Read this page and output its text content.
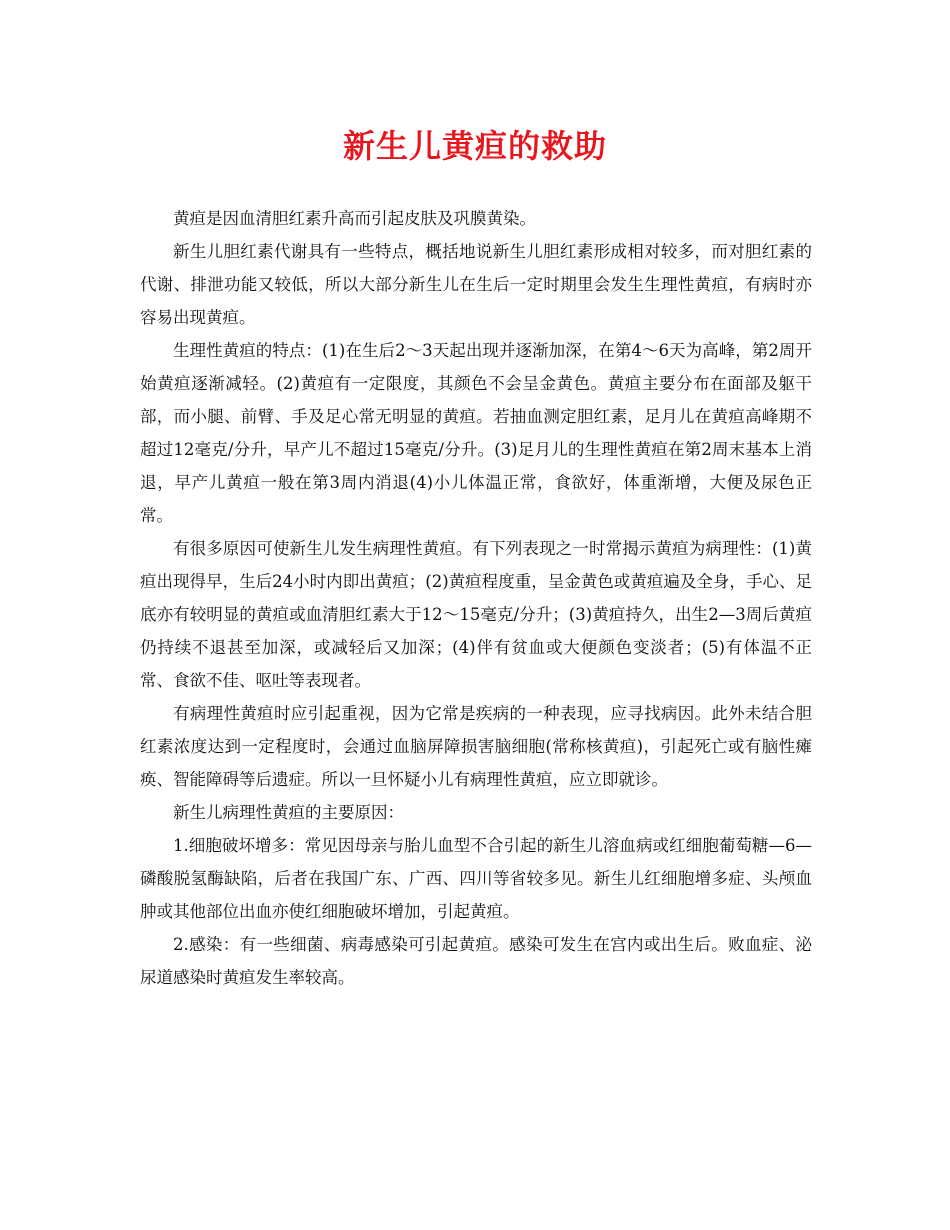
新生儿黄疸的救助

黄疸是因血清胆红素升高而引起皮肤及巩膜黄染。

新生儿胆红素代谢具有一些特点，概括地说新生儿胆红素形成相对较多，而对胆红素的代谢、排泄功能又较低，所以大部分新生儿在生后一定时期里会发生生理性黄疸，有病时亦容易出现黄疸。

生理性黄疸的特点：(1)在生后2～3天起出现并逐渐加深，在第4～6天为高峰，第2周开始黄疸逐渐减轻。(2)黄疸有一定限度，其颜色不会呈金黄色。黄疸主要分布在面部及躯干部，而小腿、前臂、手及足心常无明显的黄疸。若抽血测定胆红素，足月儿在黄疸高峰期不超过12毫克/分升，早产儿不超过15毫克/分升。(3)足月儿的生理性黄疸在第2周末基本上消退，早产儿黄疸一般在第3周内消退(4)小儿体温正常，食欲好，体重渐增，大便及尿色正常。

有很多原因可使新生儿发生病理性黄疸。有下列表现之一时常揭示黄疸为病理性：(1)黄疸出现得早，生后24小时内即出黄疸；(2)黄疸程度重，呈金黄色或黄疸遍及全身，手心、足底亦有较明显的黄疸或血清胆红素大于12～15毫克/分升；(3)黄疸持久，出生2—3周后黄疸仍持续不退甚至加深，或减轻后又加深；(4)伴有贫血或大便颜色变淡者；(5)有体温不正常、食欲不佳、呕吐等表现者。

有病理性黄疸时应引起重视，因为它常是疾病的一种表现，应寻找病因。此外未结合胆红素浓度达到一定程度时，会通过血脑屏障损害脑细胞(常称核黄疸)，引起死亡或有脑性瘫痪、智能障碍等后遗症。所以一旦怀疑小儿有病理性黄疸，应立即就诊。

新生儿病理性黄疸的主要原因：

1.细胞破坏增多：常见因母亲与胎儿血型不合引起的新生儿溶血病或红细胞葡萄糖—6—磷酸脱氢酶缺陷，后者在我国广东、广西、四川等省较多见。新生儿红细胞增多症、头颅血肿或其他部位出血亦使红细胞破坏增加，引起黄疸。

2.感染：有一些细菌、病毒感染可引起黄疸。感染可发生在宫内或出生后。败血症、泌尿道感染时黄疸发生率较高。
